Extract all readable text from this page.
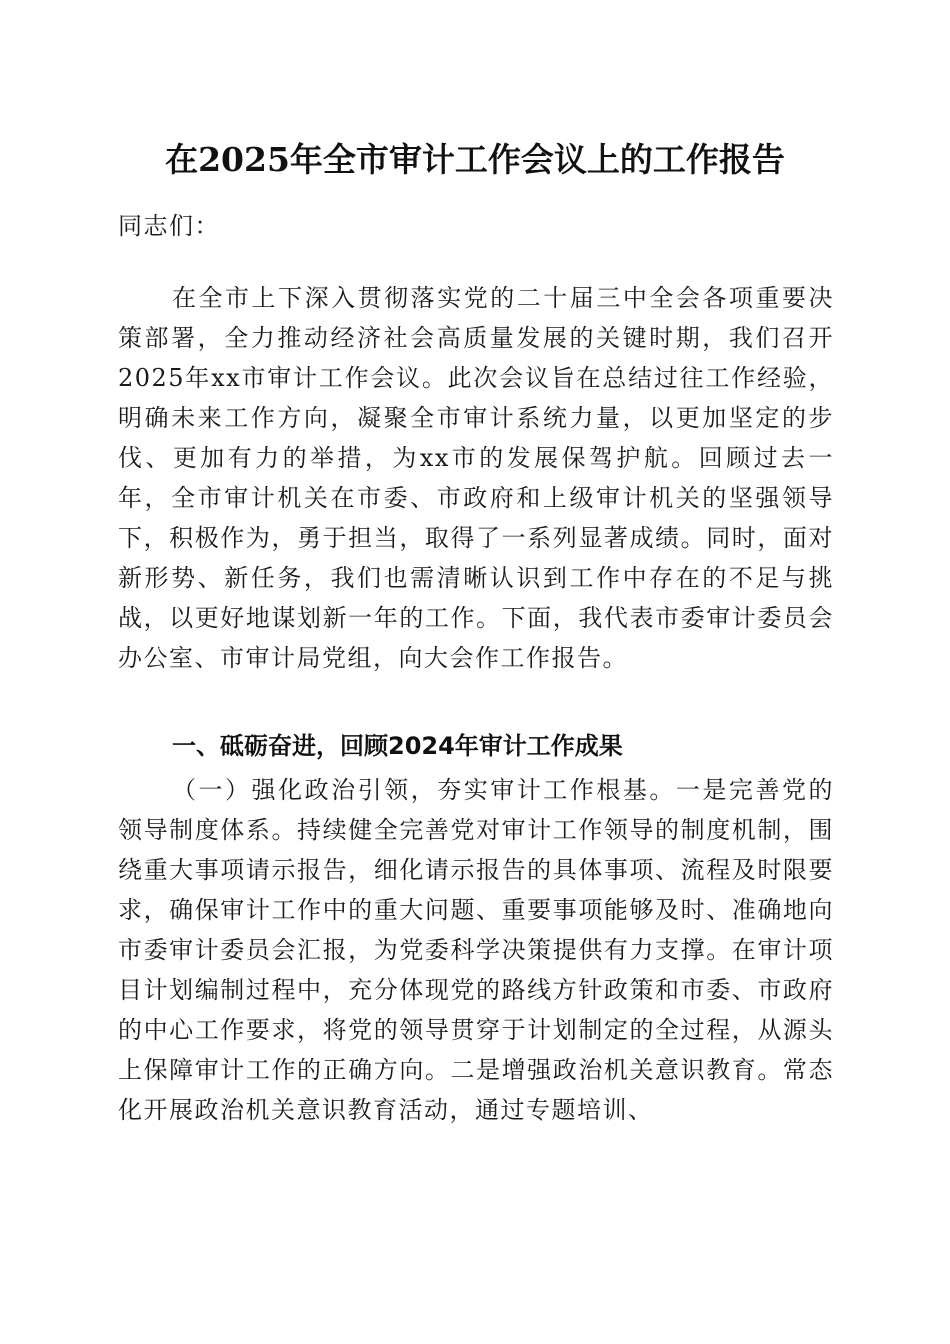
在2025年全市审计工作会议上的工作报告

同志们：

在全市上下深入贯彻落实党的二十届三中全会各项重要决策部署，全力推动经济社会高质量发展的关键时期，我们召开2025年xx市审计工作会议。此次会议旨在总结过往工作经验，明确未来工作方向，凝聚全市审计系统力量，以更加坚定的步伐、更加有力的举措，为xx市的发展保驾护航。回顾过去一年，全市审计机关在市委、市政府和上级审计机关的坚强领导下，积极作为，勇于担当，取得了一系列显著成绩。同时，面对新形势、新任务，我们也需清晰认识到工作中存在的不足与挑战，以更好地谋划新一年的工作。下面，我代表市委审计委员会办公室、市审计局党组，向大会作工作报告。

一、砥砺奋进，回顾2024年审计工作成果

（一）强化政治引领，夯实审计工作根基。一是完善党的领导制度体系。持续健全完善党对审计工作领导的制度机制，围绕重大事项请示报告，细化请示报告的具体事项、流程及时限要求，确保审计工作中的重大问题、重要事项能够及时、准确地向市委审计委员会汇报，为党委科学决策提供有力支撑。在审计项目计划编制过程中，充分体现党的路线方针政策和市委、市政府的中心工作要求，将党的领导贯穿于计划制定的全过程，从源头上保障审计工作的正确方向。二是增强政治机关意识教育。常态化开展政治机关意识教育活动，通过专题培训、
